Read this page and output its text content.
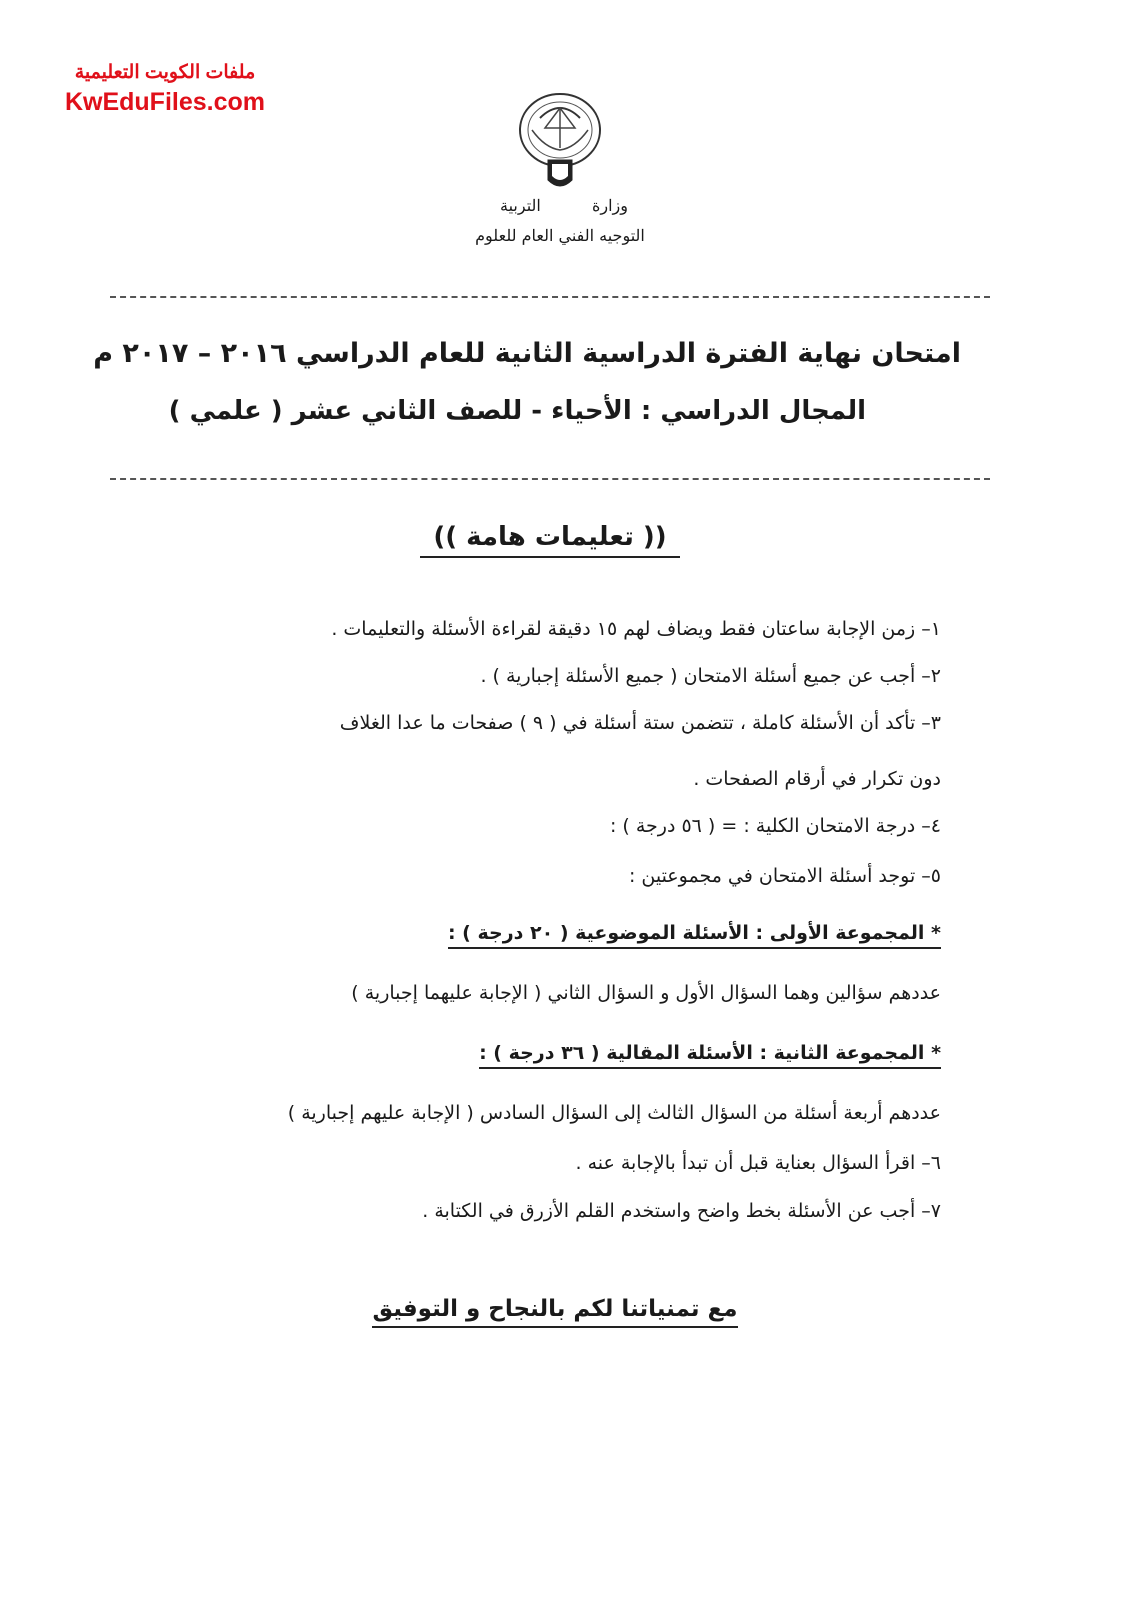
ملفات الكويت التعليمية
KwEduFiles.com
وزارة
التربية
التوجيه الفني العام للعلوم
امتحان نهاية الفترة الدراسية الثانية للعام الدراسي ٢٠١٦ – ٢٠١٧ م
المجال الدراسي : الأحياء - للصف الثاني عشر ( علمي )
(( تعليمات هامة ))
١– زمن الإجابة ساعتان فقط ويضاف لهم ١٥ دقيقة لقراءة الأسئلة والتعليمات .
٢– أجب عن جميع أسئلة الامتحان ( جميع الأسئلة إجبارية ) .
٣– تأكد أن الأسئلة كاملة ، تتضمن ستة أسئلة في ( ٩ ) صفحات ما عدا الغلاف
دون تكرار في أرقام الصفحات .
٤– درجة الامتحان الكلية : = ( ٥٦ درجة ) :
٥– توجد أسئلة الامتحان في مجموعتين :
* المجموعة الأولى : الأسئلة الموضوعية ( ٢٠ درجة ) :
عددهم سؤالين وهما السؤال الأول و السؤال الثاني ( الإجابة عليهما إجبارية )
* المجموعة الثانية : الأسئلة المقالية ( ٣٦ درجة ) :
عددهم أربعة أسئلة من السؤال الثالث إلى السؤال السادس ( الإجابة عليهم إجبارية )
٦– اقرأ السؤال بعناية قبل أن تبدأ بالإجابة عنه .
٧– أجب عن الأسئلة بخط واضح واستخدم القلم الأزرق في الكتابة .
مع تمنياتنا لكم بالنجاح و التوفيق
